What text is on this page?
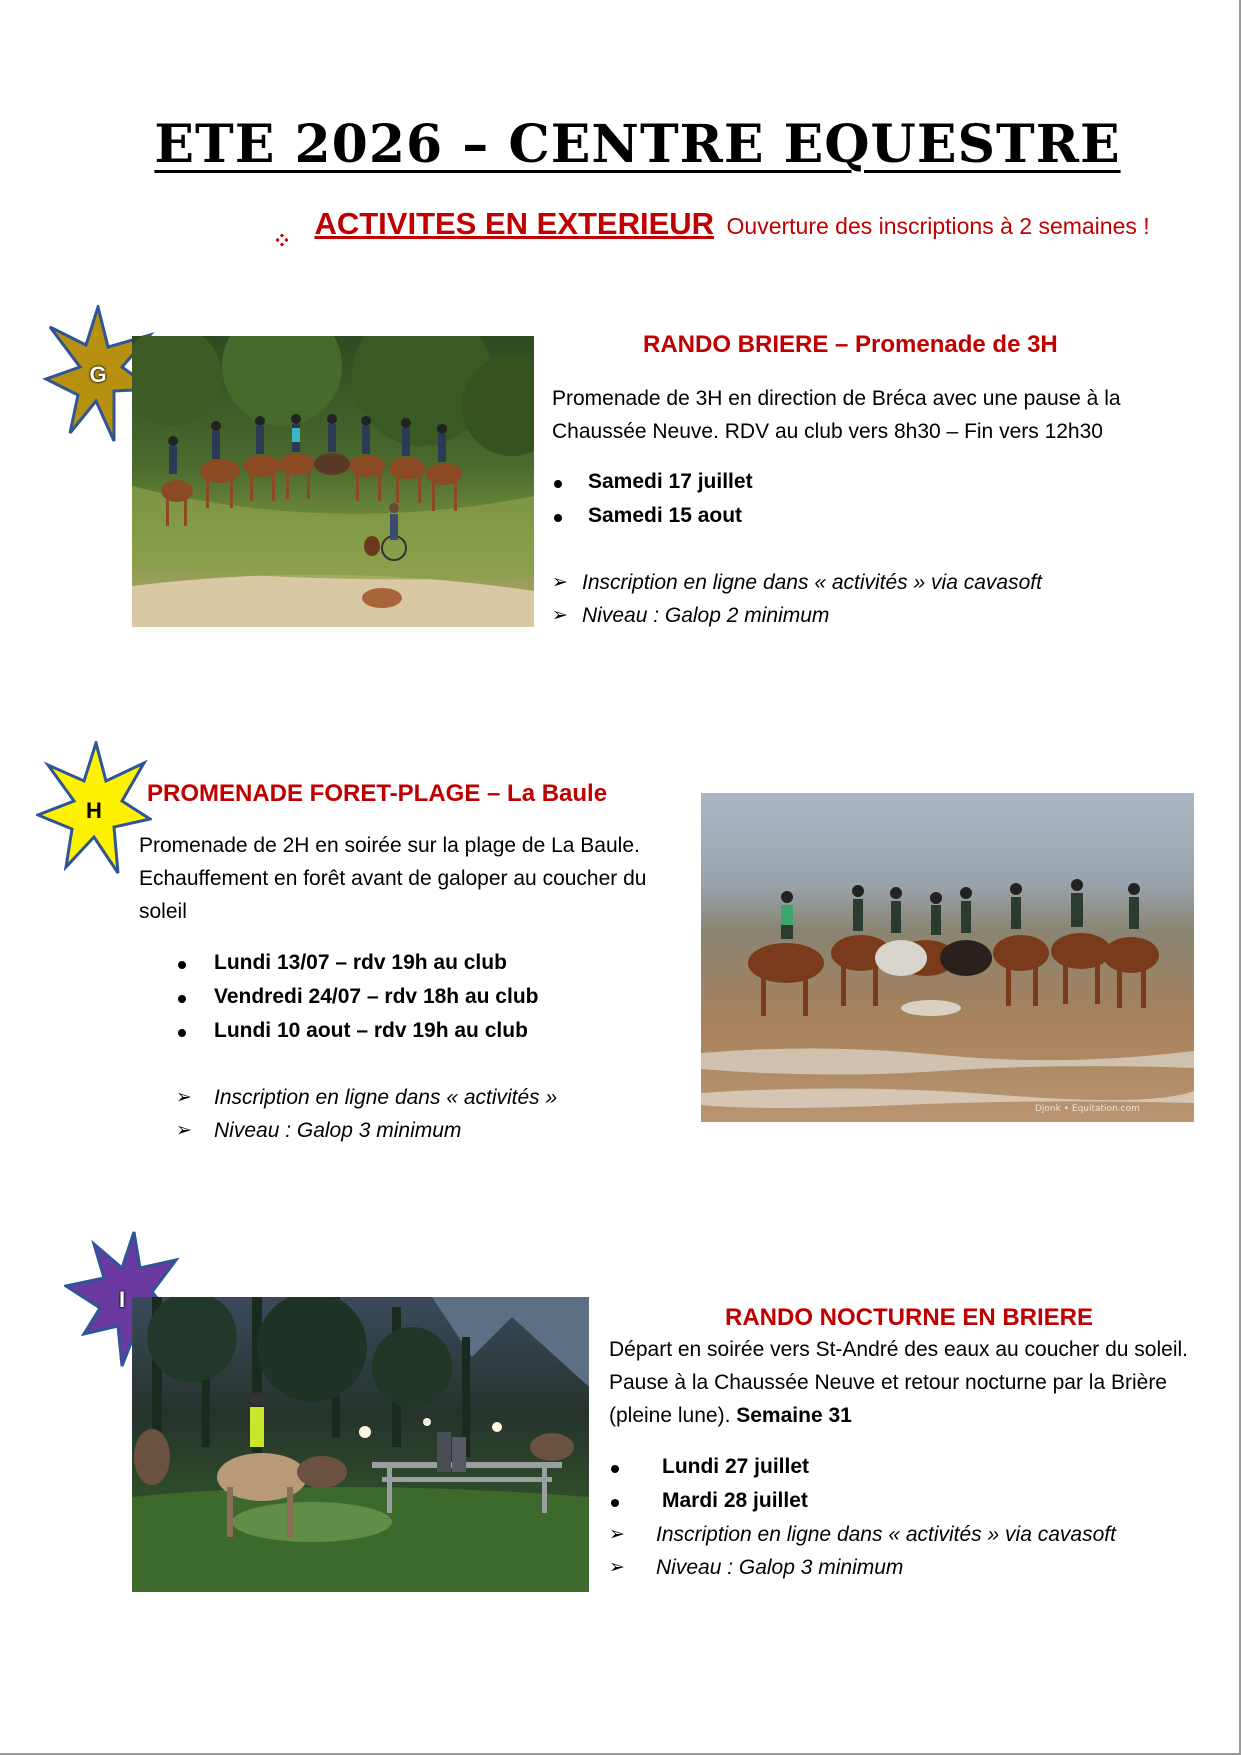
ETE 2026 – CENTRE EQUESTRE
ACTIVITES EN EXTERIEUR Ouverture des inscriptions à 2 semaines !
G
RANDO BRIERE – Promenade de 3H
Promenade de 3H en direction de Bréca avec une pause à la Chaussée Neuve. RDV au club vers 8h30 – Fin vers 12h30
Samedi 17 juillet
Samedi 15 aout
➢ Inscription en ligne dans « activités » via cavasoft
➢ Niveau : Galop 2 minimum
H
PROMENADE FORET-PLAGE – La Baule
Promenade de 2H en soirée sur la plage de La Baule. Echauffement en forêt avant de galoper au coucher du soleil
Lundi 13/07 – rdv 19h au club
Vendredi 24/07 – rdv 18h au club
Lundi 10 aout – rdv 19h au club
➢ Inscription en ligne dans « activités »
➢ Niveau : Galop 3 minimum
Djonk • Equitation.com
I
RANDO NOCTURNE EN BRIERE
Départ en soirée vers St-André des eaux au coucher du soleil. Pause à la Chaussée Neuve et retour nocturne par la Brière (pleine lune). Semaine 31
Lundi 27 juillet
Mardi 28 juillet
➢ Inscription en ligne dans « activités » via cavasoft
➢ Niveau : Galop 3 minimum
